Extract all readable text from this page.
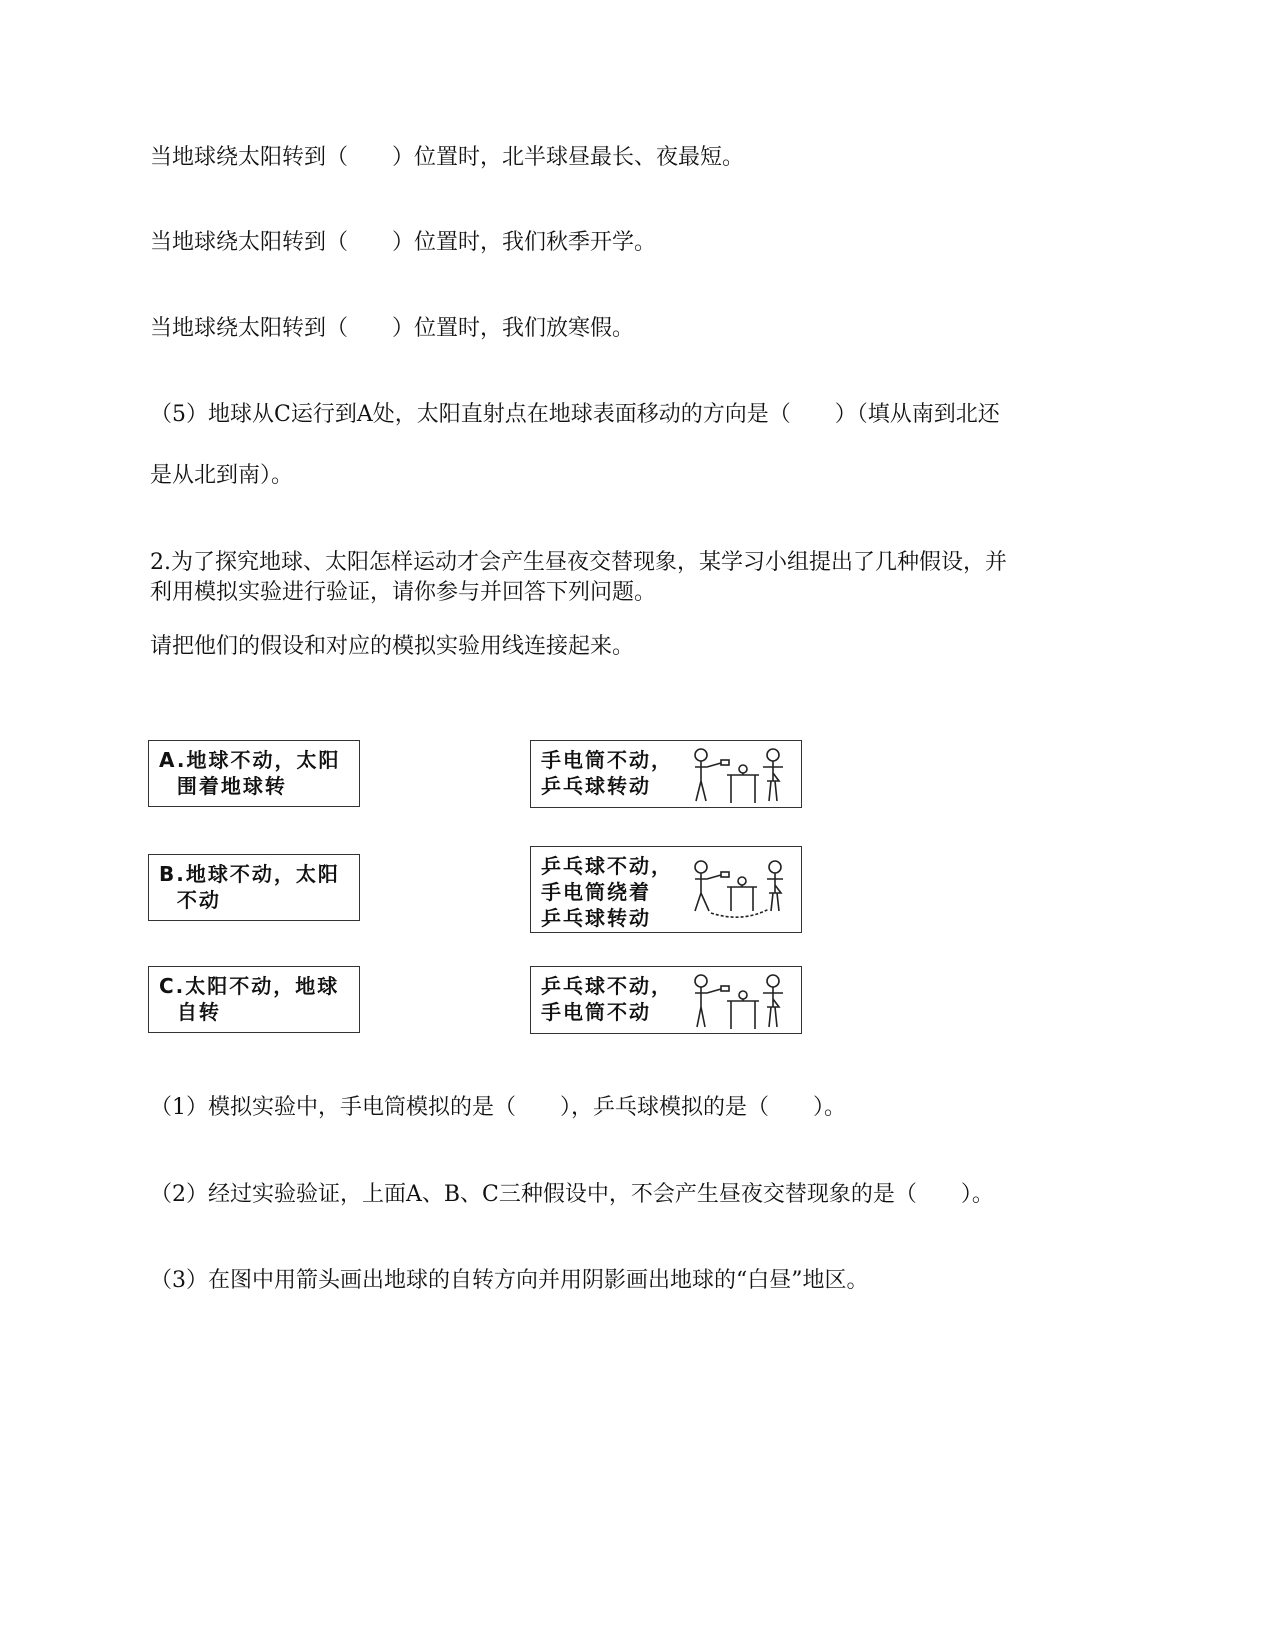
当地球绕太阳转到（　　）位置时，北半球昼最长、夜最短。

当地球绕太阳转到（　　）位置时，我们秋季开学。

当地球绕太阳转到（　　）位置时，我们放寒假。

（5）地球从C运行到A处，太阳直射点在地球表面移动的方向是（　　）（填从南到北还

是从北到南）。

2.为了探究地球、太阳怎样运动才会产生昼夜交替现象，某学习小组提出了几种假设，并

利用模拟实验进行验证，请你参与并回答下列问题。

请把他们的假设和对应的模拟实验用线连接起来。

A.地球不动，太阳
围着地球转
B.地球不动，太阳
不动
C.太阳不动，地球
自转
手电筒不动，
乒乓球转动
乒乓球不动，
手电筒绕着
乒乓球转动
乒乓球不动，
手电筒不动

（1）模拟实验中，手电筒模拟的是（　　），乒乓球模拟的是（　　）。

（2）经过实验验证，上面A、B、C三种假设中，不会产生昼夜交替现象的是（　　）。

（3）在图中用箭头画出地球的自转方向并用阴影画出地球的“白昼”地区。
